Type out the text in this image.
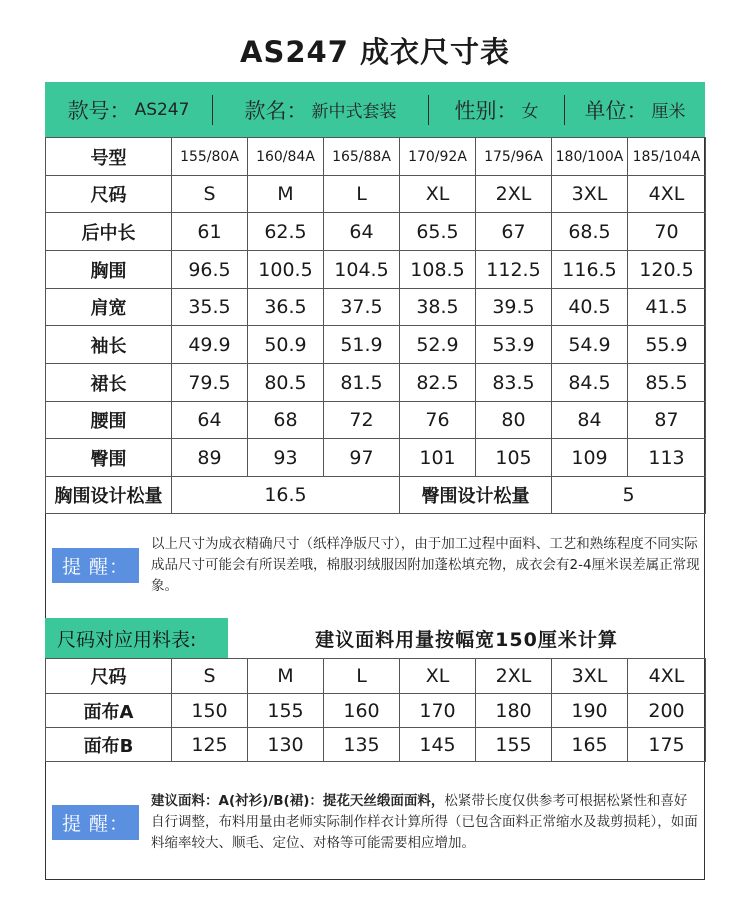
AS247 成衣尺寸表
款号： AS247	款名： 新中式套装	性别： 女 单位： 厘米
号型	155/80A	160/84A	165/88A	170/92A	175/96A	180/100A	185/104A
尺码	S	M	L	XL	2XL	3XL	4XL
后中长	61	62.5	64	65.5	67	68.5	70
胸围	96.5	100.5	104.5	108.5	112.5	116.5	120.5
肩宽	35.5	36.5	37.5	38.5	39.5	40.5	41.5
袖长	49.9	50.9	51.9	52.9	53.9	54.9	55.9
裙长	79.5	80.5	81.5	82.5	83.5	84.5	85.5
腰围	64	68	72	76	80	84	87
臀围	89	93	97	101	105	109	113
胸围设计松量	16.5			臀围设计松量		5	
提 醒：
以上尺寸为成衣精确尺寸（纸样净版尺寸），由于加工过程中面料、工艺和熟练程度不同实际成品尺寸可能会有所误差哦，棉服羽绒服因附加蓬松填充物，成衣会有2-4厘米误差属正常现象。
尺码对应用料表:	建议面料用量按幅宽150厘米计算
尺码	S	M	L	XL	2XL	3XL	4XL
面布A	150	155	160	170	180	190	200
面布B	125	130	135	145	155	165	175
提 醒：
建议面料：A(衬衫)/B(裙)：提花天丝缎面面料，松紧带长度仅供参考可根据松紧性和喜好自行调整，布料用量由老师实际制作样衣计算所得（已包含面料正常缩水及裁剪损耗），如面料缩率较大、顺毛、定位、对格等可能需要相应增加。
